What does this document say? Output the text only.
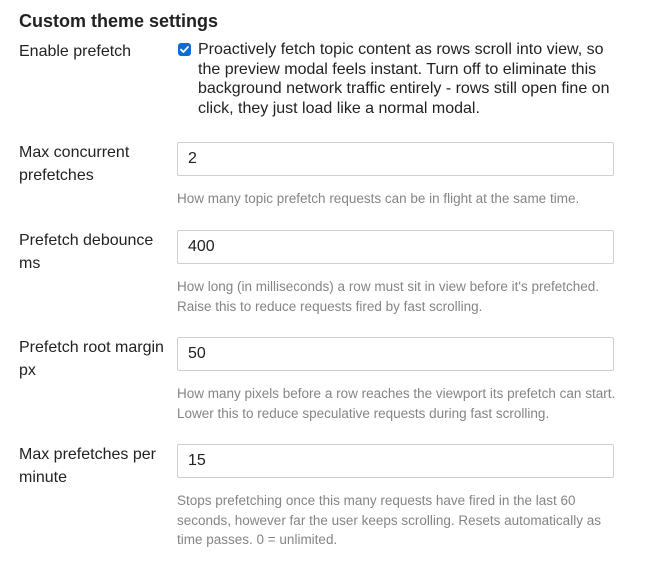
Custom theme settings
Enable prefetch	Proactively fetch topic content as rows scroll into view, so the preview modal feels instant. Turn off to eliminate this background network traffic entirely - rows still open fine on click, they just load like a normal modal.
Max concurrent prefetches
2
How many topic prefetch requests can be in flight at the same time.
Prefetch debounce ms
400
How long (in milliseconds) a row must sit in view before it's prefetched. Raise this to reduce requests fired by fast scrolling.
Prefetch root margin px
50
How many pixels before a row reaches the viewport its prefetch can start. Lower this to reduce speculative requests during fast scrolling.
Max prefetches per minute
15
Stops prefetching once this many requests have fired in the last 60 seconds, however far the user keeps scrolling. Resets automatically as time passes. 0 = unlimited.
